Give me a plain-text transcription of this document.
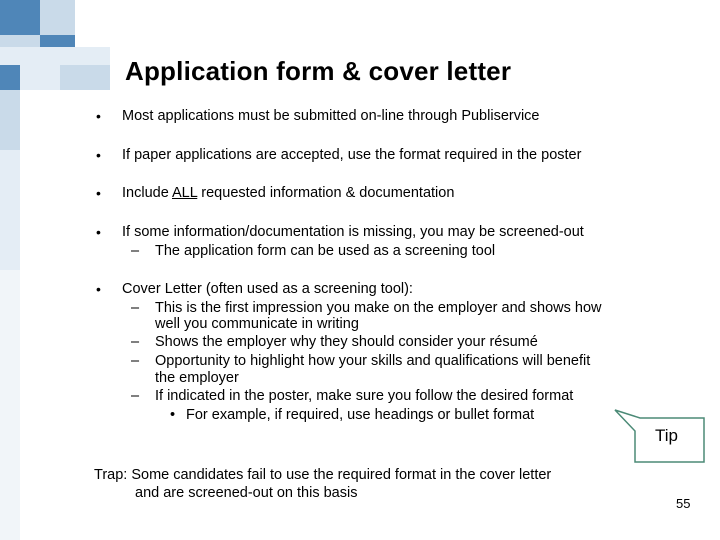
Application form & cover letter
• Most applications must be submitted on-line through Publiservice
• If paper applications are accepted, use the format required in the poster
• Include ALL requested information & documentation
• If some information/documentation is missing, you may be screened-out
– The application form can be used as a screening tool
• Cover Letter (often used as a screening tool):
– This is the first impression you make on the employer and shows how
well you communicate in writing
– Shows the employer why they should consider your résumé
– Opportunity to highlight how your skills and qualifications will benefit
the employer
– If indicated in the poster, make sure you follow the desired format
• For example, if required, use headings or bullet format
Tip
Trap: Some candidates fail to use the required format in the cover letter
and are screened-out on this basis
55
